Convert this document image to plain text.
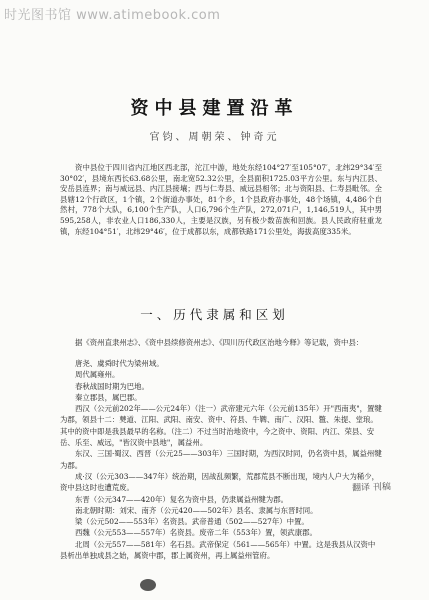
时光图书馆 www.atimebook.com
资中县建置沿革
官钧、周朝荣、钟奇元

资中县位于四川省内江地区西北部，沱江中游，地处东经104°27′至105°07′，北纬29°34′至30°02′，县境东西长63.68公里，南北宽52.32公里，全县面积1725.03平方公里。东与内江县、安岳县连界；南与威远县、内江县接壤；西与仁寿县、威远县相邻；北与资阳县、仁寿县毗邻。全县辖12个行政区，1个镇，2个街道办事处，81个乡，1个县政府办事处，48个场镇，4,486个自然村，778个大队，6,100个生产队，人口6,796个生产队，272,071户，1,146,519人，其中男595,258人，非农业人口186,330人，主要是汉族，另有极少数苗族和回族。县人民政府驻重龙镇，东经104°51′，北纬29°46′，位于成都以东，成都铁路171公里处，海拔高度335米。

一、历代隶属和区划

据《资州直隶州志》、《资中县续修资州志》、《四川历代政区治地今释》等记载，资中县：

唐尧、虞舜时代为梁州域。
周代属雍州。
春秋战国时期为巴地。
秦立郡县，属巴郡。
西汉（公元前202年——公元24年）（注一）武帝建元六年（公元前135年）开"西南夷"，置犍为郡，领县十二：僰道、江阳、武阳、南安、资中、符县、牛鞞、南广、汉阳、鄨、朱提、堂琅。其中的资中即是我县最早的名称。（注二）不过当时治地资中，今之资中、资阳、内江、荣县、安岳、乐至、威远，"皆汉资中县地"，属益州。
东汉、三国·蜀汉、西晋（公元25——303年）三国时期，为西汉时同，仍名资中县，属益州犍为郡。
成·汉（公元303——347年）统治期，因战乱频繁，荒郡荒县不断出现，境内人户大为稀少，资中县这时也遭荒废。
东晋（公元347——420年）复名为资中县，仍隶属益州犍为郡。
南北朝时期：刘宋、南齐（公元420——502年）县名、隶属与东晋时同。
梁（公元502——553年）名资县。武帝普通（502——527年）中置。
西魏（公元553——557年）名资县。废帝二年（553年）置，领武康郡。
北周（公元557——581年）名石县。武帝保定（561——565年）中置。这是我县从汉资中县析出单独成县之始，属资中郡，郡上属资州，再上属益州管府。
翻译 刊稿
